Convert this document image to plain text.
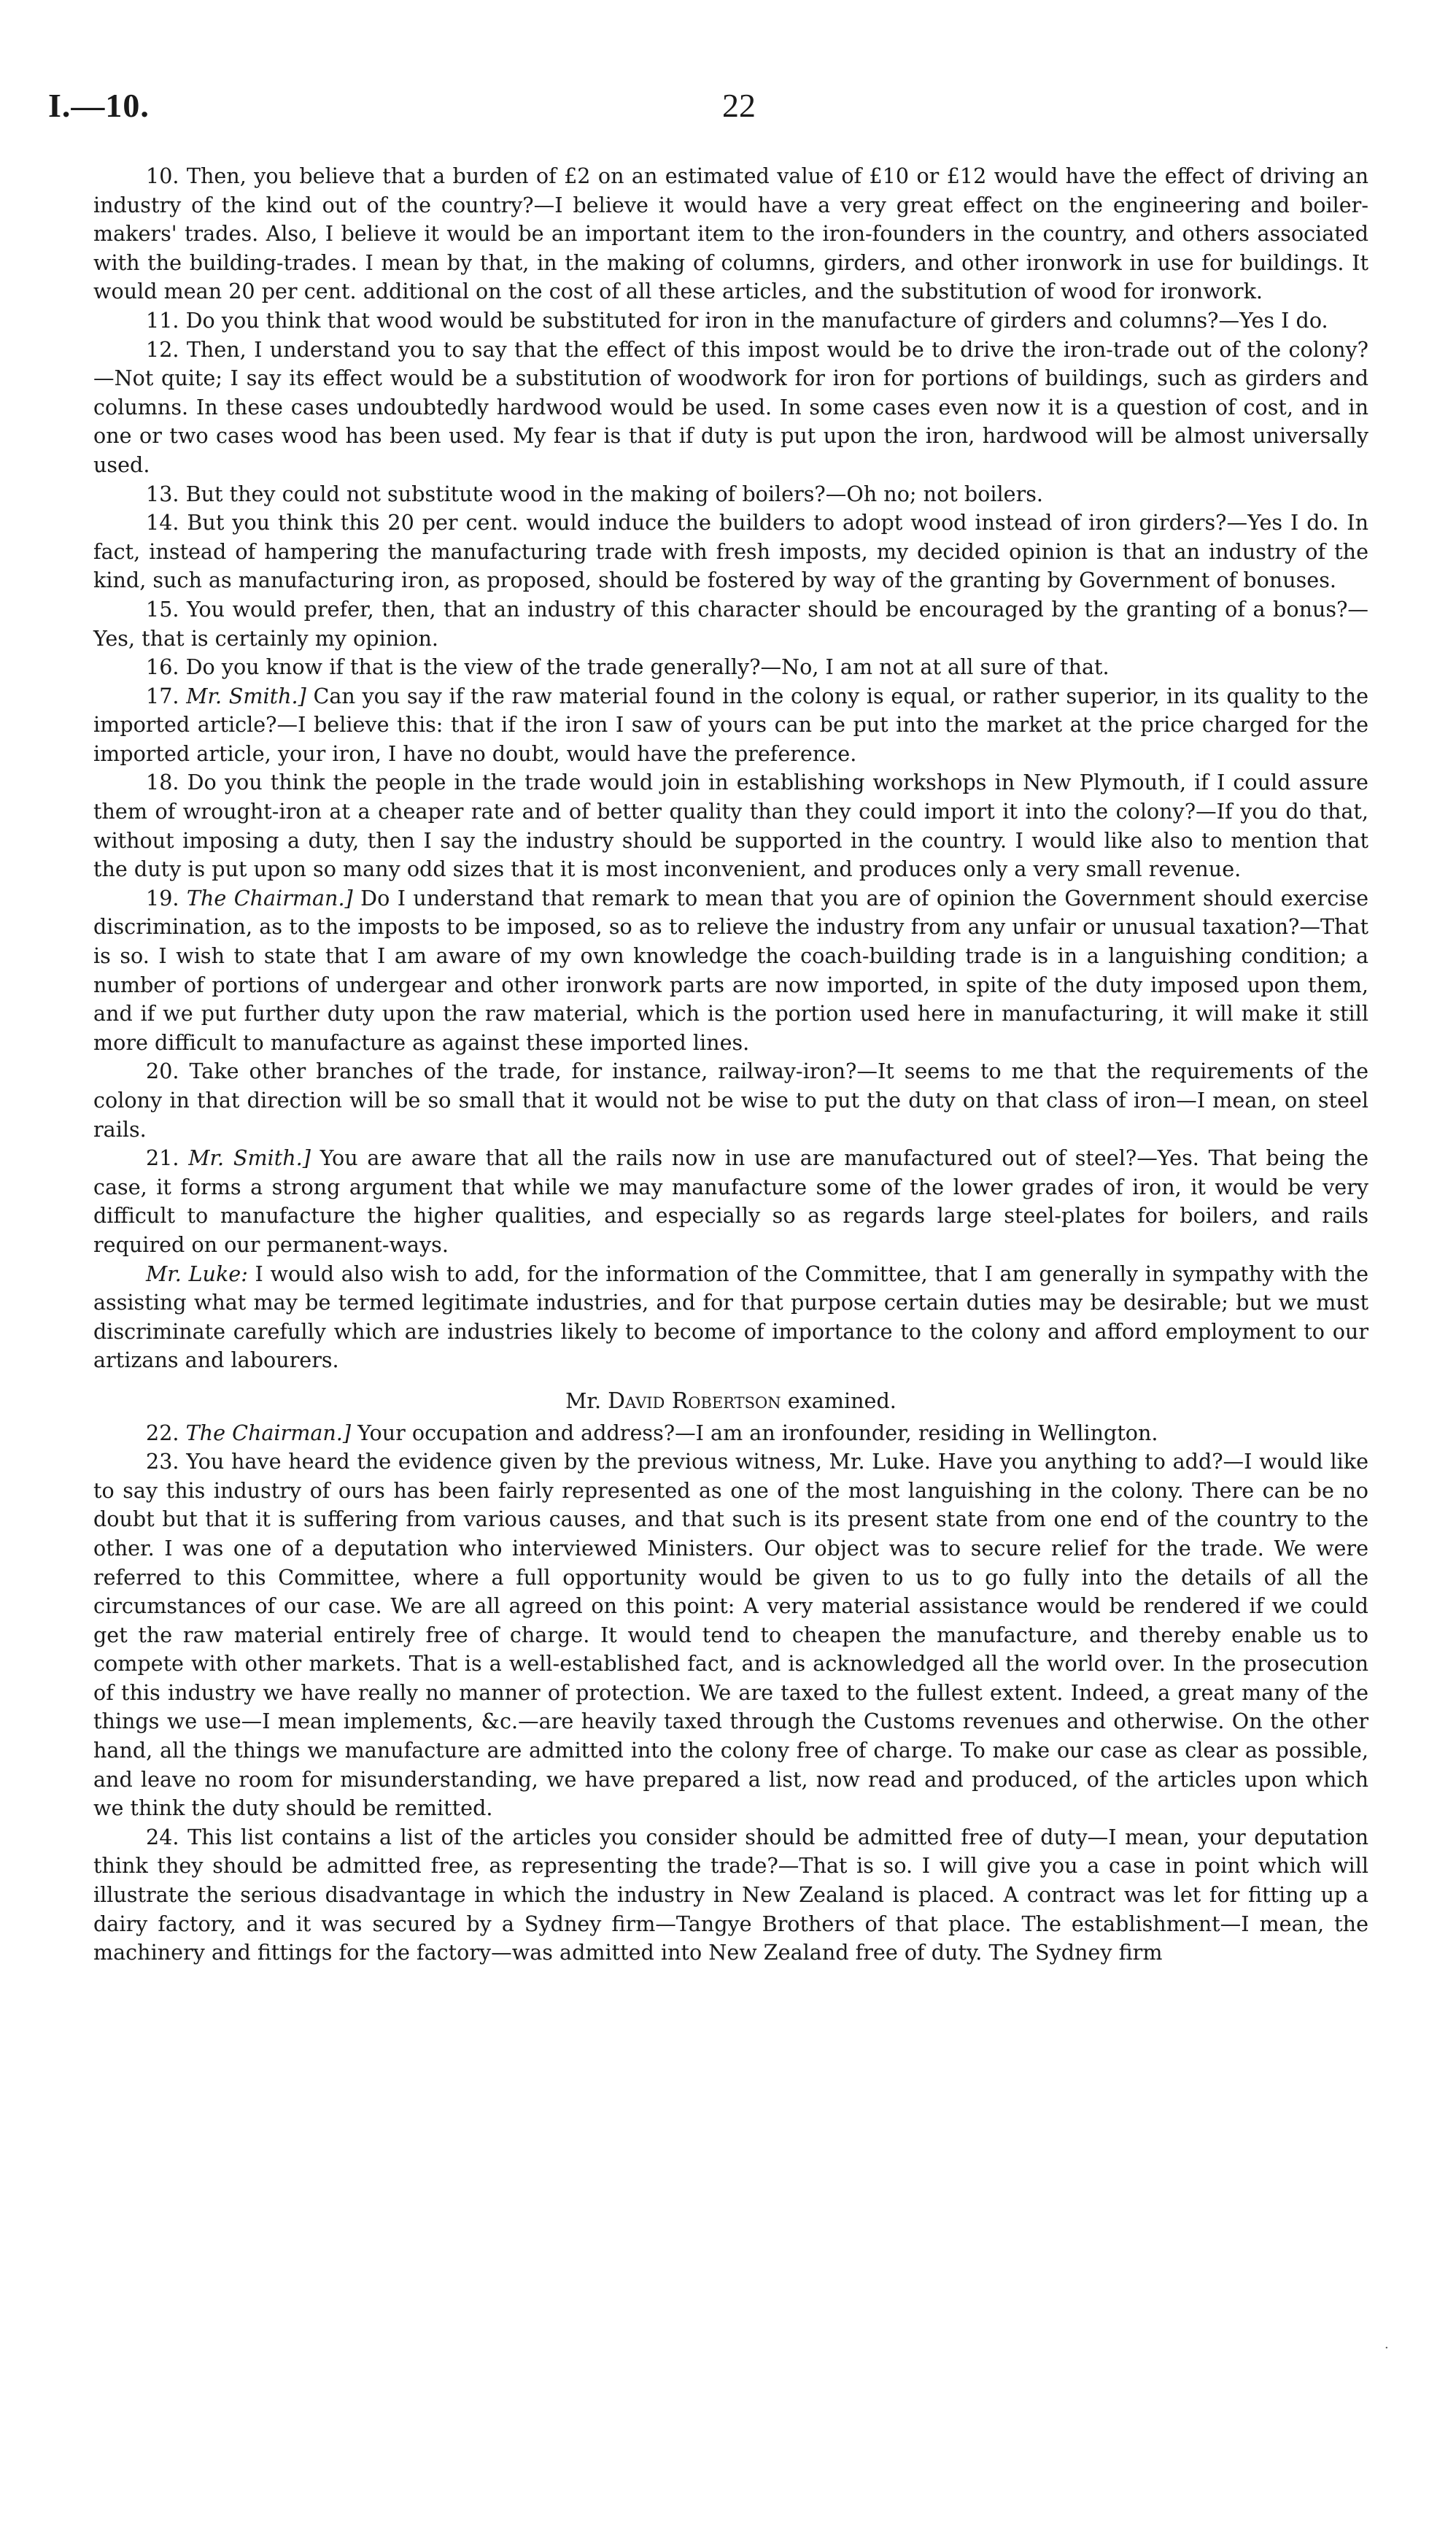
I.—10.	22

10. Then, you believe that a burden of £2 on an estimated value of £10 or £12 would have the effect of driving an industry of the kind out of the country?—I believe it would have a very great effect on the engineering and boiler-makers' trades. Also, I believe it would be an important item to the iron-founders in the country, and others associated with the building-trades. I mean by that, in the making of columns, girders, and other ironwork in use for buildings. It would mean 20 per cent. additional on the cost of all these articles, and the substitution of wood for ironwork.

11. Do you think that wood would be substituted for iron in the manufacture of girders and columns?—Yes I do.

12. Then, I understand you to say that the effect of this impost would be to drive the iron-trade out of the colony?—Not quite; I say its effect would be a substitution of woodwork for iron for portions of buildings, such as girders and columns. In these cases undoubtedly hardwood would be used. In some cases even now it is a question of cost, and in one or two cases wood has been used. My fear is that if duty is put upon the iron, hardwood will be almost universally used.

13. But they could not substitute wood in the making of boilers?—Oh no; not boilers.

14. But you think this 20 per cent. would induce the builders to adopt wood instead of iron girders?—Yes I do. In fact, instead of hampering the manufacturing trade with fresh imposts, my decided opinion is that an industry of the kind, such as manufacturing iron, as proposed, should be fostered by way of the granting by Government of bonuses.

15. You would prefer, then, that an industry of this character should be encouraged by the granting of a bonus?—Yes, that is certainly my opinion.

16. Do you know if that is the view of the trade generally?—No, I am not at all sure of that.

17. Mr. Smith.] Can you say if the raw material found in the colony is equal, or rather superior, in its quality to the imported article?—I believe this: that if the iron I saw of yours can be put into the market at the price charged for the imported article, your iron, I have no doubt, would have the preference.

18. Do you think the people in the trade would join in establishing workshops in New Plymouth, if I could assure them of wrought-iron at a cheaper rate and of better quality than they could import it into the colony?—If you do that, without imposing a duty, then I say the industry should be supported in the country. I would like also to mention that the duty is put upon so many odd sizes that it is most inconvenient, and produces only a very small revenue.

19. The Chairman.] Do I understand that remark to mean that you are of opinion the Government should exercise discrimination, as to the imposts to be imposed, so as to relieve the industry from any unfair or unusual taxation?—That is so. I wish to state that I am aware of my own knowledge the coach-building trade is in a languishing condition; a number of portions of undergear and other ironwork parts are now imported, in spite of the duty imposed upon them, and if we put further duty upon the raw material, which is the portion used here in manufacturing, it will make it still more difficult to manufacture as against these imported lines.

20. Take other branches of the trade, for instance, railway-iron?—It seems to me that the requirements of the colony in that direction will be so small that it would not be wise to put the duty on that class of iron—I mean, on steel rails.

21. Mr. Smith.] You are aware that all the rails now in use are manufactured out of steel?—Yes. That being the case, it forms a strong argument that while we may manufacture some of the lower grades of iron, it would be very difficult to manufacture the higher qualities, and especially so as regards large steel-plates for boilers, and rails required on our permanent-ways.

Mr. Luke: I would also wish to add, for the information of the Committee, that I am generally in sympathy with the assisting what may be termed legitimate industries, and for that purpose certain duties may be desirable; but we must discriminate carefully which are industries likely to become of importance to the colony and afford employment to our artizans and labourers.

Mr. David Robertson examined.

22. The Chairman.] Your occupation and address?—I am an ironfounder, residing in Wellington.

23. You have heard the evidence given by the previous witness, Mr. Luke. Have you anything to add?—I would like to say this industry of ours has been fairly represented as one of the most languishing in the colony. There can be no doubt but that it is suffering from various causes, and that such is its present state from one end of the country to the other. I was one of a deputation who interviewed Ministers. Our object was to secure relief for the trade. We were referred to this Committee, where a full opportunity would be given to us to go fully into the details of all the circumstances of our case. We are all agreed on this point: A very material assistance would be rendered if we could get the raw material entirely free of charge. It would tend to cheapen the manufacture, and thereby enable us to compete with other markets. That is a well-established fact, and is acknowledged all the world over. In the prosecution of this industry we have really no manner of protection. We are taxed to the fullest extent. Indeed, a great many of the things we use—I mean implements, &c.—are heavily taxed through the Customs revenues and otherwise. On the other hand, all the things we manufacture are admitted into the colony free of charge. To make our case as clear as possible, and leave no room for misunderstanding, we have prepared a list, now read and produced, of the articles upon which we think the duty should be remitted.

24. This list contains a list of the articles you consider should be admitted free of duty—I mean, your deputation think they should be admitted free, as representing the trade?—That is so. I will give you a case in point which will illustrate the serious disadvantage in which the industry in New Zealand is placed. A contract was let for fitting up a dairy factory, and it was secured by a Sydney firm—Tangye Brothers of that place. The establishment—I mean, the machinery and fittings for the factory—was admitted into New Zealand free of duty. The Sydney firm

·
